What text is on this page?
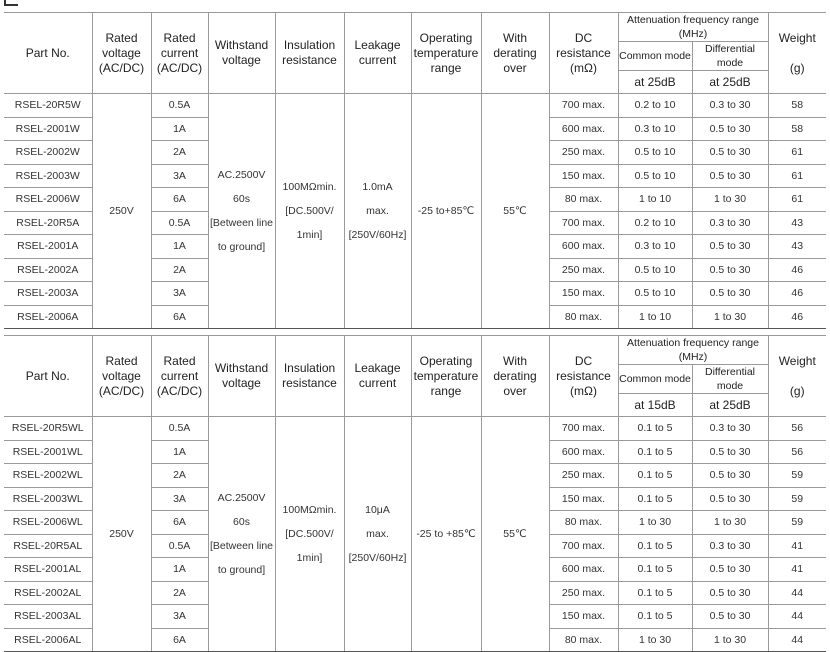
Part No.	Rated
voltage
(AC/DC)	Rated
current
(AC/DC)	Withstand
voltage	Insulation
resistance	Leakage
current	Operating
temperature
range	With
derating
over	DC
resistance
(mΩ)	Attenuation frequency range (MHz)		Weight

(g)
									Common mode	Differential mode	
									at 25dB	at 25dB	
RSEL-20R5W	250V	0.5A	AC.2500V
60s
[Between line
to ground]	100MΩmin.
[DC.500V/
1min]	1.0mA
max.
[250V/60Hz]	-25 to+85℃	55℃	700 max.	0.2 to 10	0.3 to 30	58
RSEL-2001W		1A						600 max.	0.3 to 10	0.5 to 30	58
RSEL-2002W		2A						250 max.	0.5 to 10	0.5 to 30	61
RSEL-2003W		3A						150 max.	0.5 to 10	0.5 to 30	61
RSEL-2006W		6A						80 max.	1 to 10	1 to 30	61
RSEL-20R5A		0.5A						700 max.	0.2 to 10	0.3 to 30	43
RSEL-2001A		1A						600 max.	0.3 to 10	0.5 to 30	43
RSEL-2002A		2A						250 max.	0.5 to 10	0.5 to 30	46
RSEL-2003A		3A						150 max.	0.5 to 10	0.5 to 30	46
RSEL-2006A		6A						80 max.	1 to 10	1 to 30	46
Part No.	Rated
voltage
(AC/DC)	Rated
current
(AC/DC)	Withstand
voltage	Insulation
resistance	Leakage
current	Operating
temperature
range	With
derating
over	DC
resistance
(mΩ)	Attenuation frequency range (MHz)		Weight

(g)
									Common mode	Differential mode	
									at 15dB	at 25dB	
RSEL-20R5WL	250V	0.5A	AC.2500V
60s
[Between line
to ground]	100MΩmin.
[DC.500V/
1min]	10μA
max.
[250V/60Hz]	-25 to +85℃	55℃	700 max.	0.1 to 5	0.3 to 30	56
RSEL-2001WL		1A						600 max.	0.1 to 5	0.5 to 30	56
RSEL-2002WL		2A						250 max.	0.1 to 5	0.5 to 30	59
RSEL-2003WL		3A						150 max.	0.1 to 5	0.5 to 30	59
RSEL-2006WL		6A						80 max.	1 to 30	1 to 30	59
RSEL-20R5AL		0.5A						700 max.	0.1 to 5	0.3 to 30	41
RSEL-2001AL		1A						600 max.	0.1 to 5	0.5 to 30	41
RSEL-2002AL		2A						250 max.	0.1 to 5	0.5 to 30	44
RSEL-2003AL		3A						150 max.	0.1 to 5	0.5 to 30	44
RSEL-2006AL		6A						80 max.	1 to 30	1 to 30	44
